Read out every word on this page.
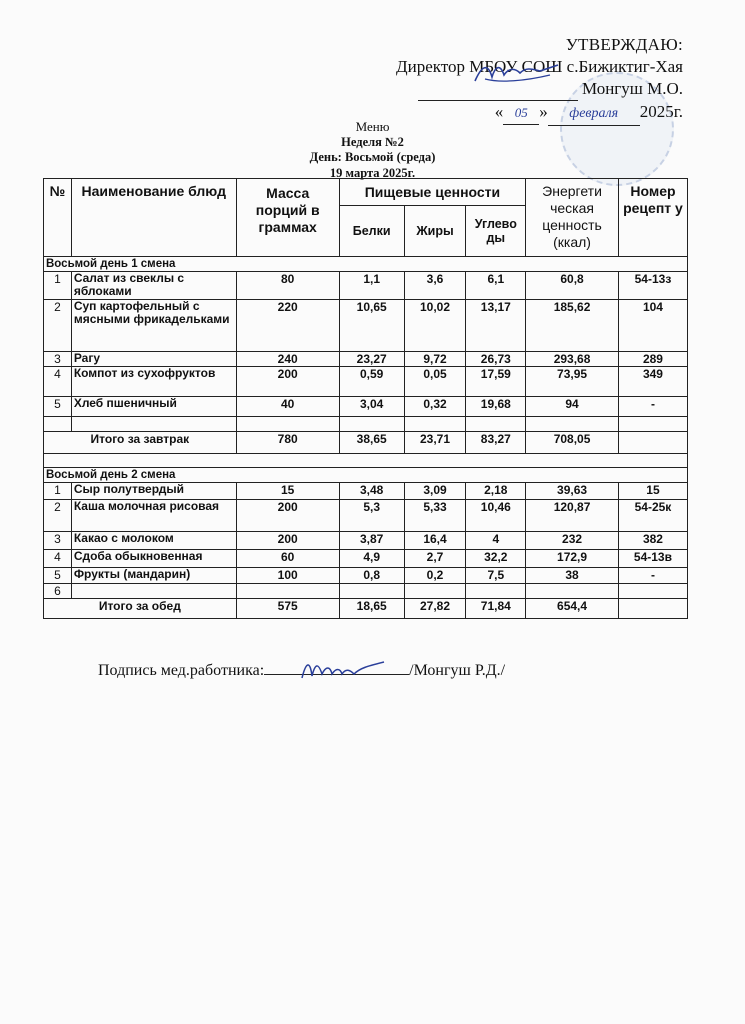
УТВЕРЖДАЮ:
Директор МБОУ СОШ с.Бижиктиг-Хая
Монгуш М.О.
« 05 » февраля 2025г.
Меню
Неделя №2
День: Восьмой (среда)
19 марта 2025г.
№	Наименование блюд	Масса порций в граммах	Пищевые ценности			Энергети ческая ценность (ккал)	Номер рецепт у
			Белки	Жиры	Углево ды		
Восьмой день 1 смена							
1	Салат из свеклы с яблоками	80	1,1	3,6	6,1	60,8	54-13з
2	Суп картофельный с мясными фрикадельками	220	10,65	10,02	13,17	185,62	104
3	Рагу	240	23,27	9,72	26,73	293,68	289
4	Компот из сухофруктов	200	0,59	0,05	17,59	73,95	349
5	Хлеб пшеничный	40	3,04	0,32	19,68	94	-

Итого за завтрак		780	38,65	23,71	83,27	708,05	

Восьмой день 2 смена							
1	Сыр полутвердый	15	3,48	3,09	2,18	39,63	15
2	Каша молочная рисовая	200	5,3	5,33	10,46	120,87	54-25к
3	Какао с молоком	200	3,87	16,4	4	232	382
4	Сдоба обыкновенная	60	4,9	2,7	32,2	172,9	54-13в
5	Фрукты (мандарин)	100	0,8	0,2	7,5	38	-
6							
Итого за обед		575	18,65	27,82	71,84	654,4	
Подпись мед.работника:	/Монгуш Р.Д./
